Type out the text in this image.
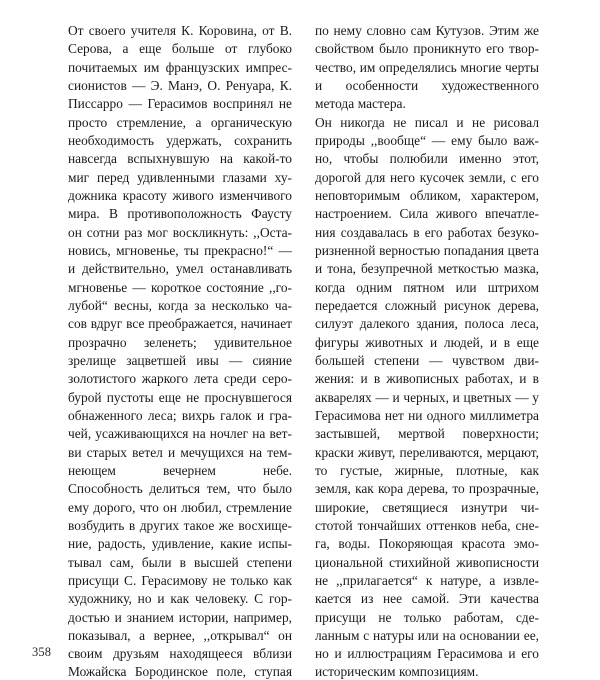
От своего учителя К. Коровина, от В. Серова, а еще больше от глубоко почитаемых им французских импрессионистов — Э. Манэ, О. Ренуара, К. Писсарро — Герасимов воспринял не просто стремление, а органическую необходимость удержать, сохранить навсегда вспыхнувшую на какой-то миг перед удивленными глазами художника красоту живого изменчивого мира. В противоположность Фаусту он сотни раз мог воскликнуть: ,,Остановись, мгновенье, ты прекрасно!“ — и действительно, умел останавливать мгновенье — короткое состояние ,,голубой“ весны, когда за несколько часов вдруг все преображается, начинает прозрачно зеленеть; удивительное зрелище зацветшей ивы — сияние золотистого жаркого лета среди серобурой пустоты еще не проснувшегося обнаженного леса; вихрь галок и грачей, усаживающихся на ночлег на ветви старых ветел и мечущихся на темнеющем вечернем небе.

Способность делиться тем, что было ему дорого, что он любил, стремление возбудить в других такое же восхищение, радость, удивление, какие испытывал сам, были в высшей степени присущи С. Герасимову не только как художнику, но и как человеку. С гордостью и знанием истории, например, показывал, а вернее, ,,открывал“ он своим друзьям находящееся вблизи Можайска Бородинское поле, ступая

по нему словно сам Кутузов. Этим же свойством было проникнуто его творчество, им определялись многие черты и особенности художественного метода мастера.

Он никогда не писал и не рисовал природы ,,вообще“ — ему было важно, чтобы полюбили именно этот, дорогой для него кусочек земли, с его неповторимым обликом, характером, настроением. Сила живого впечатления создавалась в его работах безукоризненной верностью попадания цвета и тона, безупречной меткостью мазка, когда одним пятном или штрихом передается сложный рисунок дерева, силуэт далекого здания, полоса леса, фигуры животных и людей, и в еще большей степени — чувством движения: и в живописных работах, и в акварелях — и черных, и цветных — у Герасимова нет ни одного миллиметра застывшей, мертвой поверхности; краски живут, переливаются, мерцают, то густые, жирные, плотные, как земля, как кора дерева, то прозрачные, широкие, светящиеся изнутри чистотой тончайших оттенков неба, снега, воды. Покоряющая красота эмоциональной стихийной живописности не ,,прилагается“ к натуре, а извлекается из нее самой. Эти качества присущи не только работам, сделанным с натуры или на основании ее, но и иллюстрациям Герасимова и его историческим композициям.

358
